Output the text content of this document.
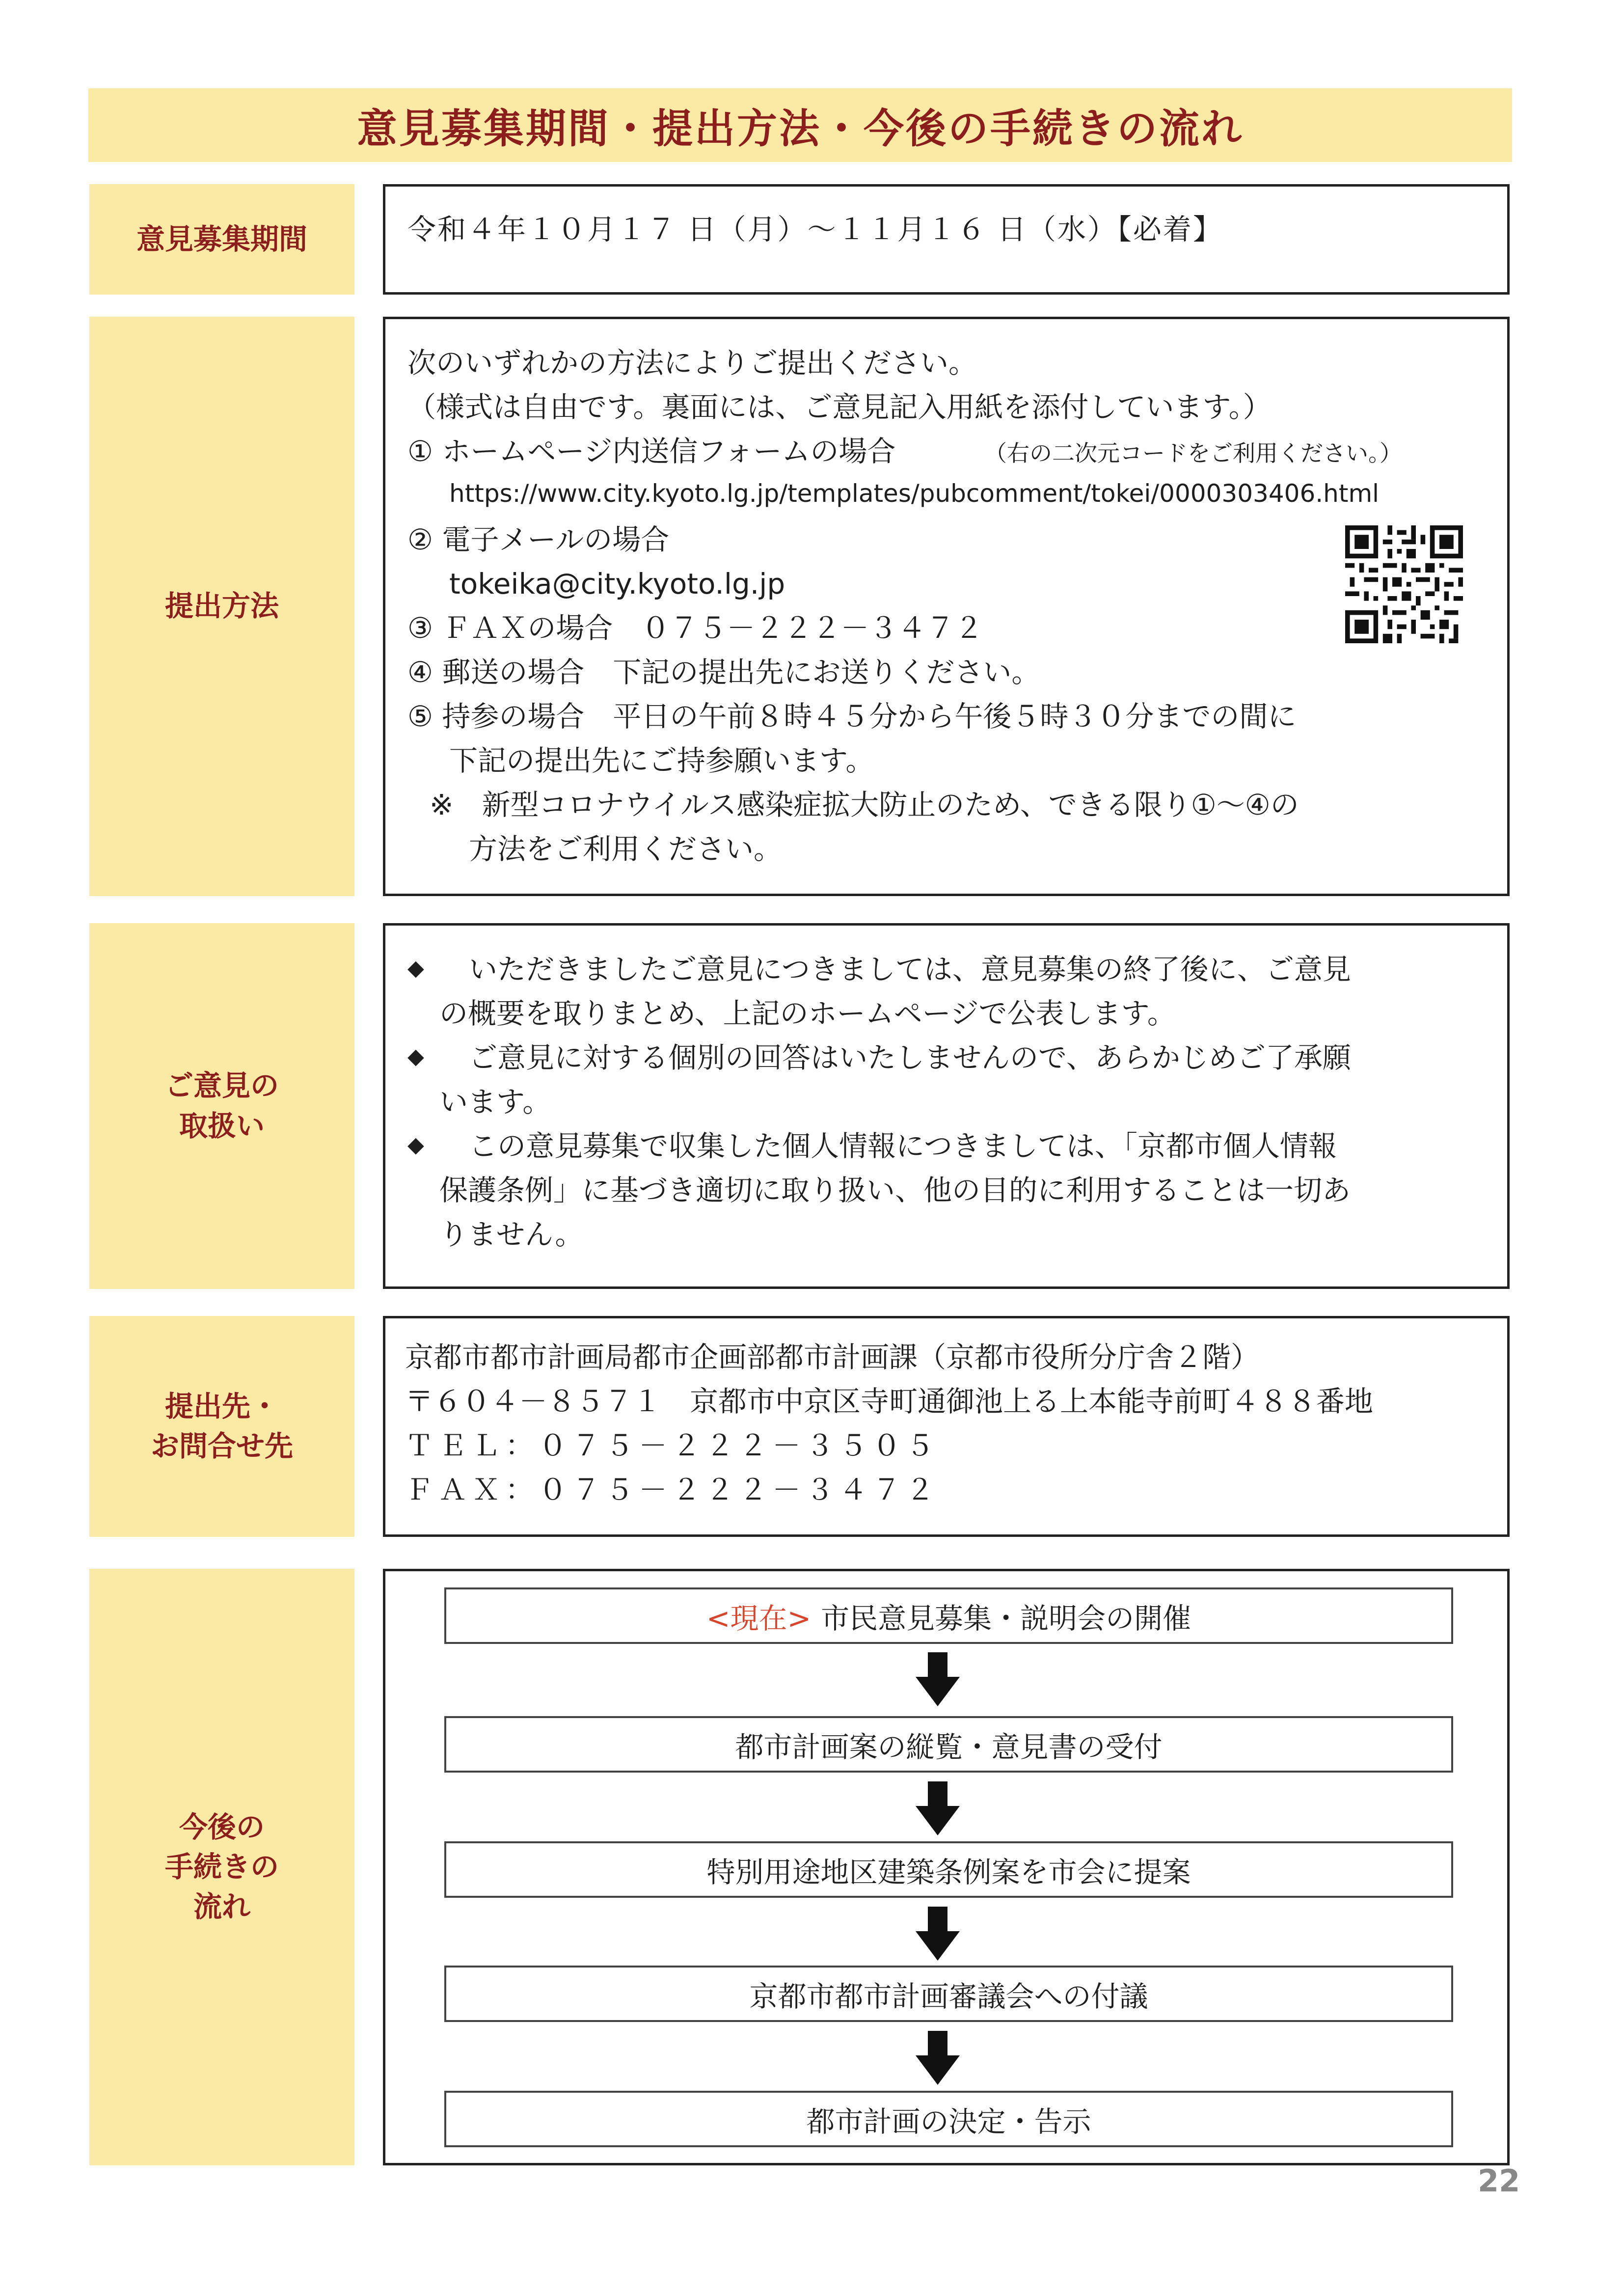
意見募集期間・提出方法・今後の手続きの流れ
意見募集期間	令和４年１０月１７ 日（月）～１１月１６ 日（水）【必着】
提出方法
次のいずれかの方法によりご提出ください。
（様式は自由です。裏面には、ご意見記入用紙を添付しています。）
① ホームページ内送信フォームの場合	（右の二次元コードをご利用ください。）
https://www.city.kyoto.lg.jp/templates/pubcomment/tokei/0000303406.html
② 電子メールの場合
tokeika@city.kyoto.lg.jp
③ ＦＡＸの場合　０７５－２２２－３４７２
④ 郵送の場合　下記の提出先にお送りください。
⑤ 持参の場合　平日の午前８時４５分から午後５時３０分までの間に
下記の提出先にご持参願います。
※　新型コロナウイルス感染症拡大防止のため、できる限り①～④の
方法をご利用ください。
ご意見の
取扱い
◆ いただきましたご意見につきましては、意見募集の終了後に、ご意見
の概要を取りまとめ、上記のホームページで公表します。
◆ ご意見に対する個別の回答はいたしませんので、あらかじめご了承願
います。
◆ この意見募集で収集した個人情報につきましては、「京都市個人情報
保護条例」に基づき適切に取り扱い、他の目的に利用することは一切あ
りません。
提出先・
お問合せ先
京都市都市計画局都市企画部都市計画課（京都市役所分庁舎２階）
〒６０４－８５７１　京都市中京区寺町通御池上る上本能寺前町４８８番地
ＴＥＬ：０７５－２２２－３５０５
ＦＡＸ：０７５－２２２－３４７２
今後の
手続きの
流れ
<現在> 市民意見募集・説明会の開催
都市計画案の縦覧・意見書の受付
特別用途地区建築条例案を市会に提案
京都市都市計画審議会への付議
都市計画の決定・告示
22
